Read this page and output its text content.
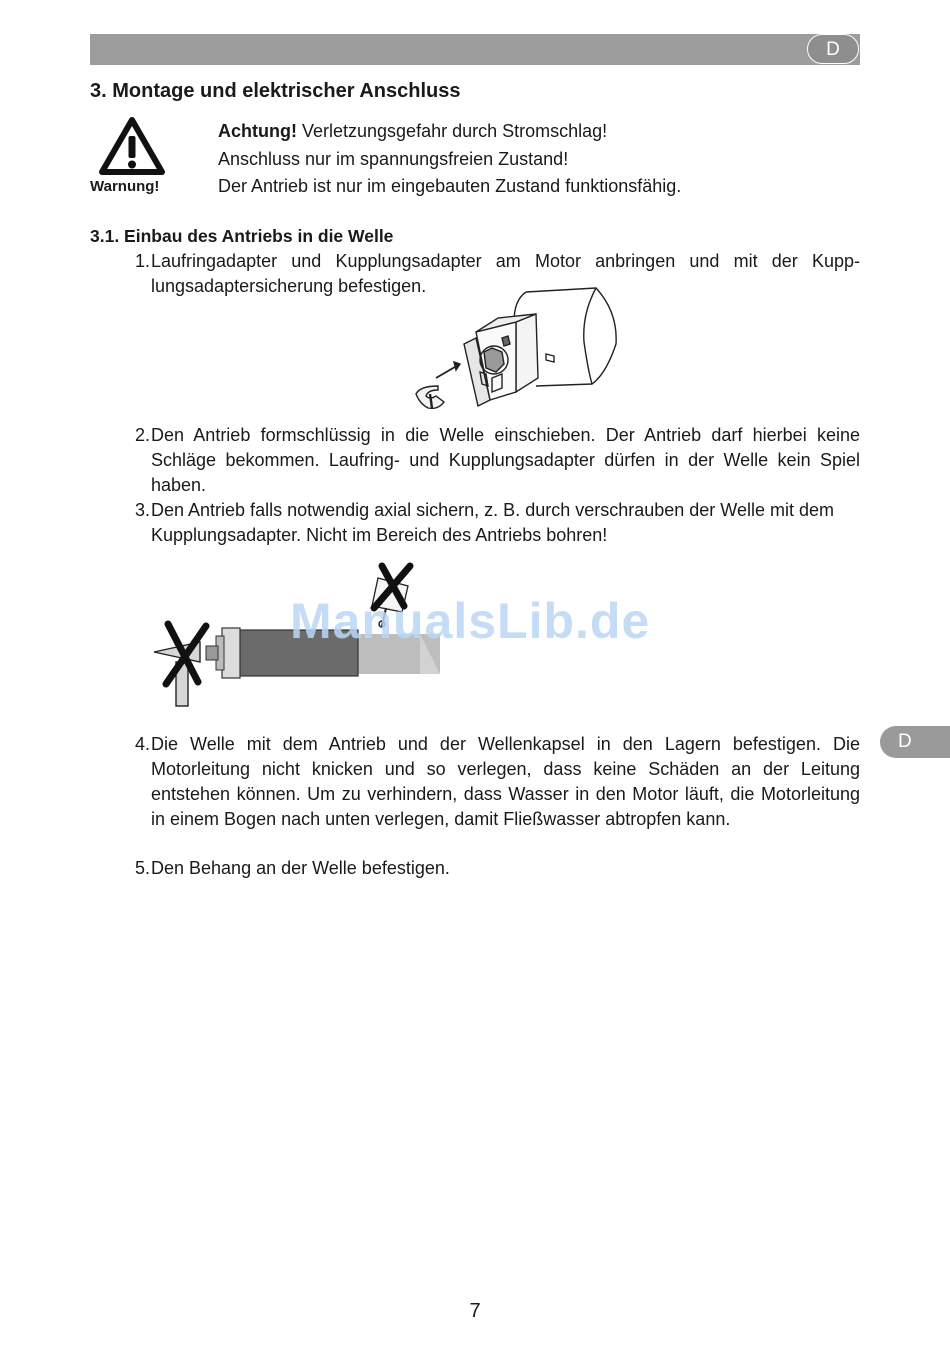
D
3. Montage und elektrischer Anschluss
Warnung!
Achtung! Verletzungsgefahr durch Stromschlag!
Anschluss nur im spannungsfreien Zustand!
Der Antrieb ist nur im eingebauten Zustand funktionsfähig.
3.1. Einbau des Antriebs in die Welle
1. Laufringadapter und Kupplungsadapter am Motor anbringen und mit der Kupp-lungsadaptersicherung befestigen.
2. Den Antrieb formschlüssig in die Welle einschieben. Der Antrieb darf hierbei keine Schläge bekommen. Laufring- und Kupplungsadapter dürfen in der Welle kein Spiel haben.
3. Den Antrieb falls notwendig axial sichern, z. B. durch verschrauben der Welle mit dem Kupplungsadapter. Nicht im Bereich des Antriebs bohren!
ManualsLib.de
4. Die Welle mit dem Antrieb und der Wellenkapsel in den Lagern befestigen. Die Motorleitung nicht knicken und so verlegen, dass keine Schäden an der Leitung entstehen können. Um zu verhindern, dass Wasser in den Motor läuft, die Motorleitung in einem Bogen nach unten verlegen, damit Fließwasser abtropfen kann.
5. Den Behang an der Welle befestigen.
D
7
